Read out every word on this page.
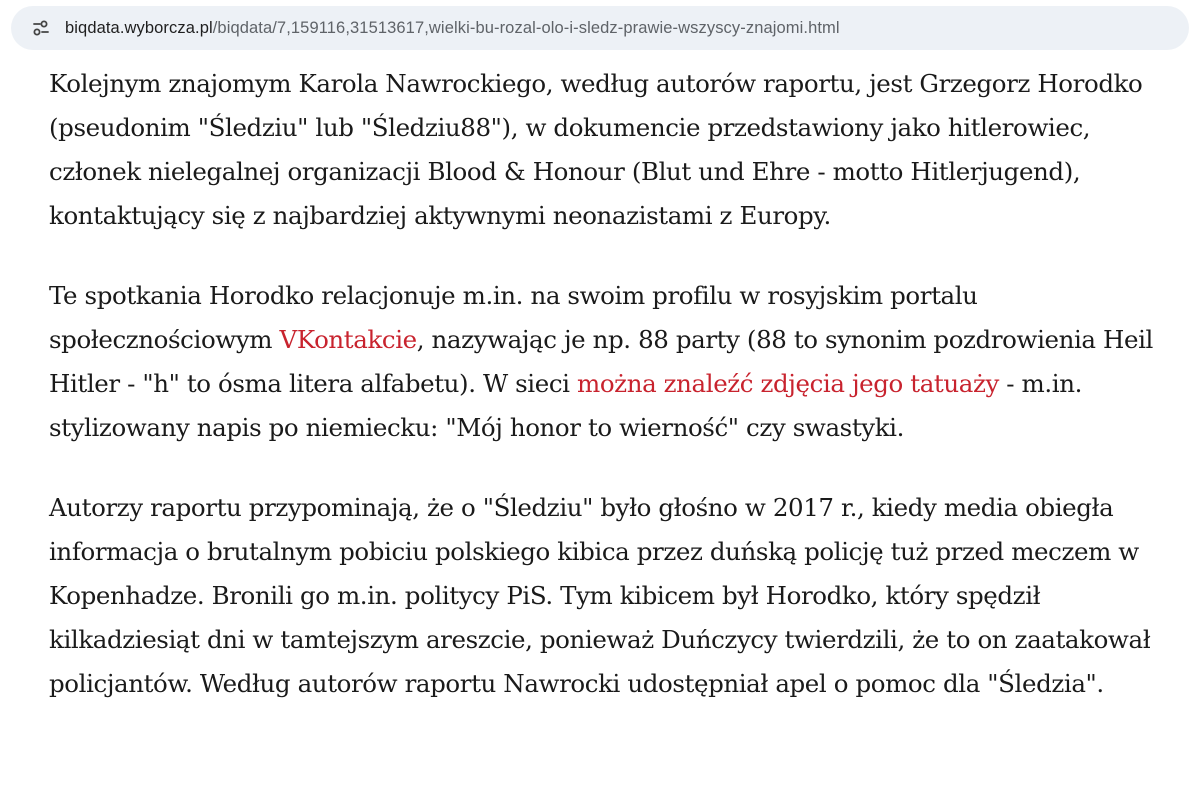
biqdata.wyborcza.pl/biqdata/7,159116,31513617,wielki-bu-rozal-olo-i-sledz-prawie-wszyscy-znajomi.html

Kolejnym znajomym Karola Nawrockiego, według autorów raportu, jest Grzegorz Horodko (pseudonim "Śledziu" lub "Śledziu88"), w dokumencie przedstawiony jako hitlerowiec, członek nielegalnej organizacji Blood & Honour (Blut und Ehre - motto Hitlerjugend), kontaktujący się z najbardziej aktywnymi neonazistami z Europy.

Te spotkania Horodko relacjonuje m.in. na swoim profilu w rosyjskim portalu społecznościowym VKontakcie, nazywając je np. 88 party (88 to synonim pozdrowienia Heil Hitler - "h" to ósma litera alfabetu). W sieci można znaleźć zdjęcia jego tatuaży - m.in. stylizowany napis po niemiecku: "Mój honor to wierność" czy swastyki.

Autorzy raportu przypominają, że o "Śledziu" było głośno w 2017 r., kiedy media obiegła informacja o brutalnym pobiciu polskiego kibica przez duńską policję tuż przed meczem w Kopenhadze. Bronili go m.in. politycy PiS. Tym kibicem był Horodko, który spędził kilkadziesiąt dni w tamtejszym areszcie, ponieważ Duńczycy twierdzili, że to on zaatakował policjantów. Według autorów raportu Nawrocki udostępniał apel o pomoc dla "Śledzia".
